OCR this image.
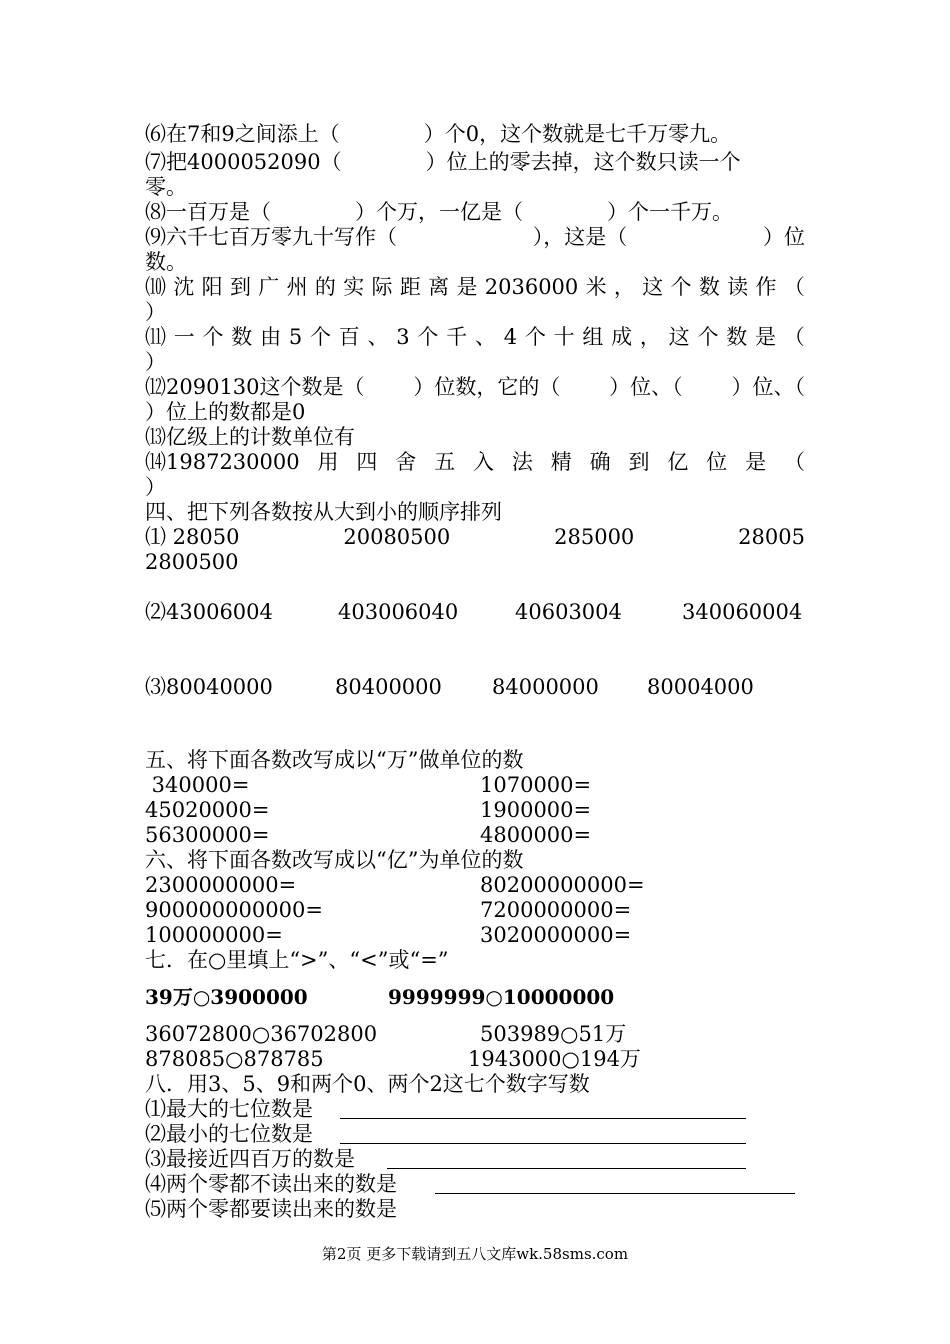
⑹在7和9之间添上（　　　　）个0，这个数就是七千万零九。
⑺把4000052090（　　　　）位上的零去掉，这个数只读一个
零。
⑻一百万是（　　　　）个万，一亿是（　　　　）个一千万。
⑼六千七百万零九十写作（	），这是（	）位
数。
⑽ 沈 阳 到 广 州 的 实 际 距 离 是 2036000 米 ， 这 个 数 读 作 （
）
⑾ 一 个 数 由 5 个 百 、 3 个 千 、 4 个 十 组 成 ， 这 个 数 是 （
）
⑿2090130这个数是（ ）位数，它的（ ）位、（ ）位、（
）位上的数都是0
⒀亿级上的计数单位有
⒁1987230000 用 四 舍 五 入 法 精 确 到 亿 位 是 （
）
四、把下列各数按从大到小的顺序排列
⑴ 28050	20080500	285000	28005
2800500
⑵43006004	403006040	40603004	340060004
⑶80040000	80400000 84000000 80004000
五、将下面各数改写成以“万”做单位的数
340000=	1070000=
45020000=	1900000=
56300000=	4800000=
六、将下面各数改写成以“亿”为单位的数
2300000000=	80200000000=
900000000000=	7200000000=
100000000=	3020000000=
七．在○里填上“>”、“<”或“=”
39万○3900000	9999999○10000000
36072800○36702800	503989○51万
878085○878785	1943000○194万
八．用3、5、9和两个0、两个2这七个数字写数
⑴最大的七位数是
⑵最小的七位数是
⑶最接近四百万的数是
⑷两个零都不读出来的数是
⑸两个零都要读出来的数是
第2页 更多下载请到五八文库wk.58sms.com
